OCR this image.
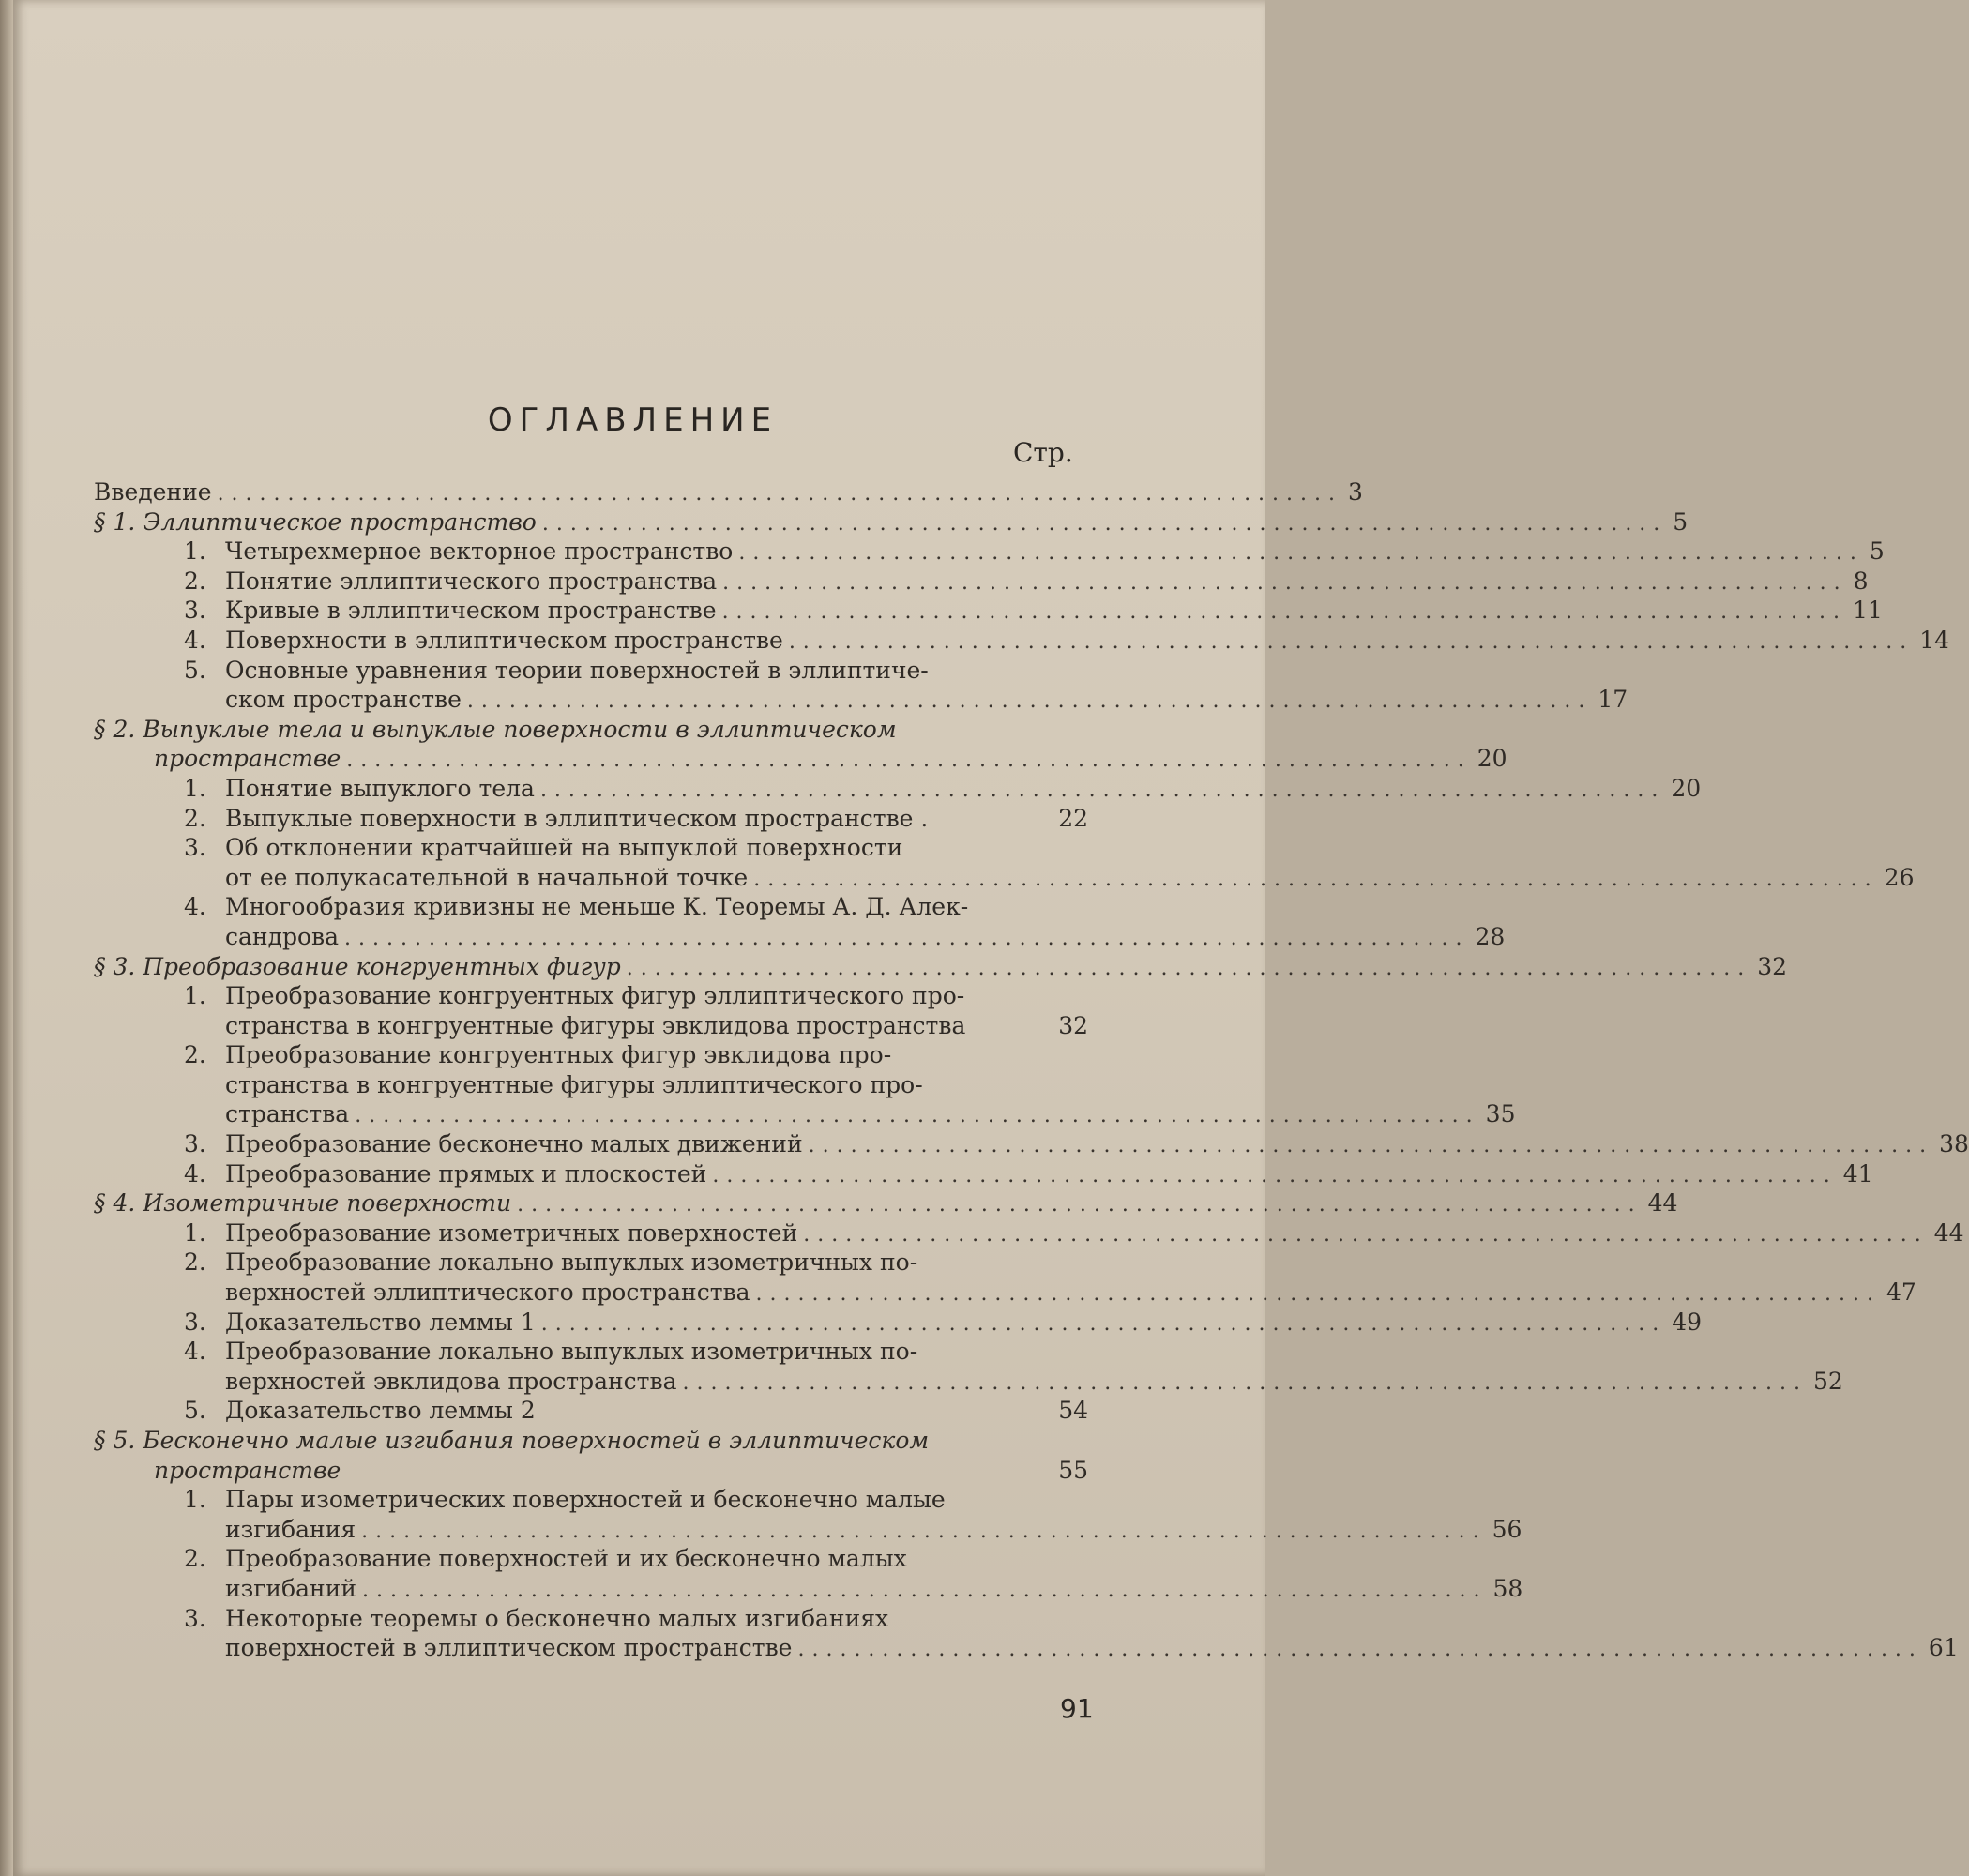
ОГЛАВЛЕНИЕ
Стр.
Введение ................................................................................ 3
§ 1. Эллиптическое пространство ................................................................................ 5
1. Четырехмерное векторное пространство ................................................................................ 5
2. Понятие эллиптического пространства ................................................................................ 8
3. Кривые в эллиптическом пространстве ................................................................................ 11
4. Поверхности в эллиптическом пространстве ................................................................................ 14
5. Основные уравнения теории поверхностей в эллиптиче-
ском пространстве ................................................................................ 17
§ 2. Выпуклые тела и выпуклые поверхности в эллиптическом
пространстве ................................................................................ 20
1. Понятие выпуклого тела ................................................................................ 20
2. Выпуклые поверхности в эллиптическом пространстве .	22
3. Об отклонении кратчайшей на выпуклой поверхности
от ее полукасательной в начальной точке ................................................................................ 26
4. Многообразия кривизны не меньше К. Теоремы А. Д. Алек-
сандрова ................................................................................ 28
§ 3. Преобразование конгруентных фигур ................................................................................ 32
1. Преобразование конгруентных фигур эллиптического про-
странства в конгруентные фигуры эвклидова пространства	32
2. Преобразование конгруентных фигур эвклидова про-
странства в конгруентные фигуры эллиптического про-
странства ................................................................................ 35
3. Преобразование бесконечно малых движений ................................................................................ 38
4. Преобразование прямых и плоскостей ................................................................................ 41
§ 4. Изометричные поверхности ................................................................................ 44
1. Преобразование изометричных поверхностей ................................................................................ 44
2. Преобразование локально выпуклых изометричных по-
верхностей эллиптического пространства ................................................................................ 47
3. Доказательство леммы 1 ................................................................................ 49
4. Преобразование локально выпуклых изометричных по-
верхностей эвклидова пространства ................................................................................ 52
5. Доказательство леммы 2	54
§ 5. Бесконечно малые изгибания поверхностей в эллиптическом
пространстве	55
1. Пары изометрических поверхностей и бесконечно малые
изгибания ................................................................................ 56
2. Преобразование поверхностей и их бесконечно малых
изгибаний ................................................................................ 58
3. Некоторые теоремы о бесконечно малых изгибаниях
поверхностей в эллиптическом пространстве ................................................................................ 61
91
